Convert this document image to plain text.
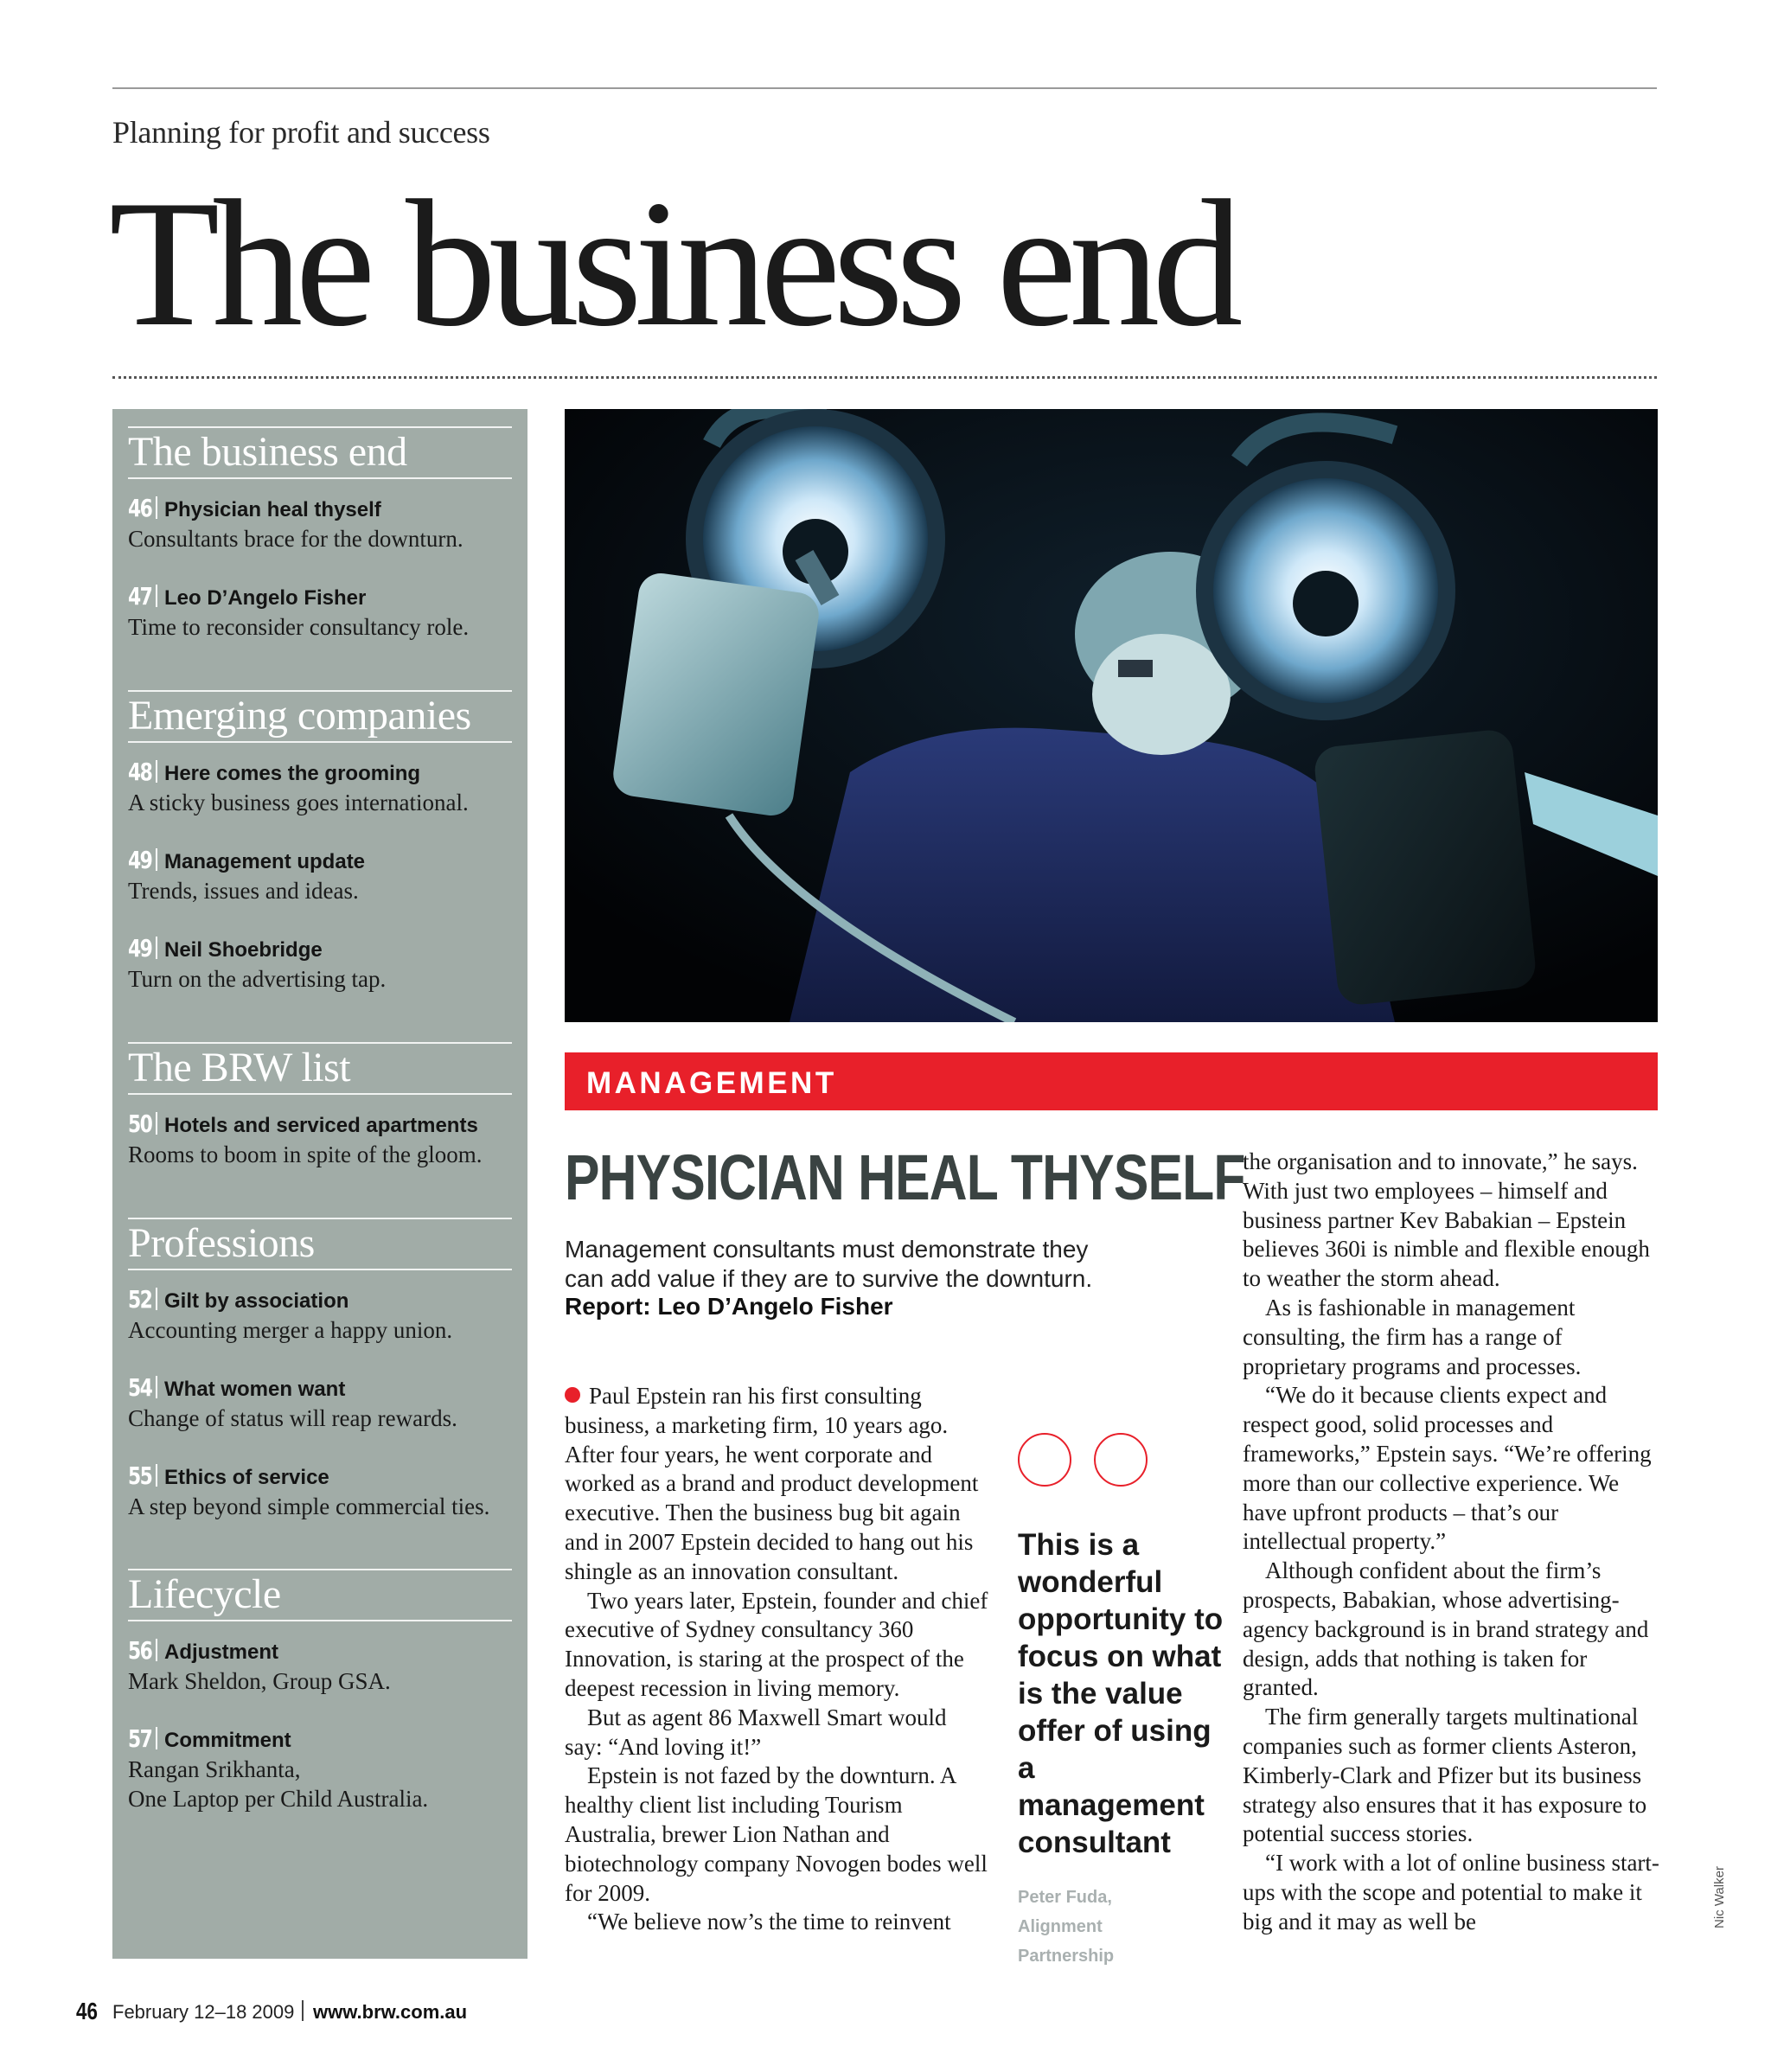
Planning for profit and success
The business end
The business end
46 Physician heal thyself
Consultants brace for the downturn.
47 Leo D’Angelo Fisher
Time to reconsider consultancy role.
Emerging companies
48 Here comes the grooming
A sticky business goes international.
49 Management update
Trends, issues and ideas.
49 Neil Shoebridge
Turn on the advertising tap.
The BRW list
50 Hotels and serviced apartments
Rooms to boom in spite of the gloom.
Professions
52 Gilt by association
Accounting merger a happy union.
54 What women want
Change of status will reap rewards.
55 Ethics of service
A step beyond simple commercial ties.
Lifecycle
56 Adjustment
Mark Sheldon, Group GSA.
57 Commitment
Rangan Srikhanta,
One Laptop per Child Australia.
MANAGEMENT
PHYSICIAN HEAL THYSELF
Management consultants must demonstrate they can add value if they are to survive the downturn.
Report: Leo D’Angelo Fisher

Paul Epstein ran his first consulting business, a marketing firm, 10 years ago. After four years, he went corporate and worked as a brand and product development executive. Then the business bug bit again and in 2007 Epstein decided to hang out his shingle as an innovation consultant.

Two years later, Epstein, founder and chief executive of Sydney consultancy 360 Innovation, is staring at the prospect of the deepest recession in living memory.

But as agent 86 Maxwell Smart would say: “And loving it!”

Epstein is not fazed by the downturn. A healthy client list including Tourism Australia, brewer Lion Nathan and biotechnology company Novogen bodes well for 2009.

“We believe now’s the time to reinvent

This is a wonderful opportunity to focus on what is the value offer of using a management consultant
Peter Fuda,
Alignment
Partnership

the organisation and to innovate,” he says. With just two employees – himself and business partner Kev Babakian – Epstein believes 360i is nimble and flexible enough to weather the storm ahead.

As is fashionable in management consulting, the firm has a range of proprietary programs and processes.

“We do it because clients expect and respect good, solid processes and frameworks,” Epstein says. “We’re offering more than our collective experience. We have upfront products – that’s our intellectual property.”

Although confident about the firm’s prospects, Babakian, whose advertising-agency background is in brand strategy and design, adds that nothing is taken for granted.

The firm generally targets multinational companies such as former clients Asteron, Kimberly-Clark and Pfizer but its business strategy also ensures that it has exposure to potential success stories.

“I work with a lot of online business start-ups with the scope and potential to make it big and it may as well be	Nic Walker
46 February 12–18 2009 www.brw.com.au
